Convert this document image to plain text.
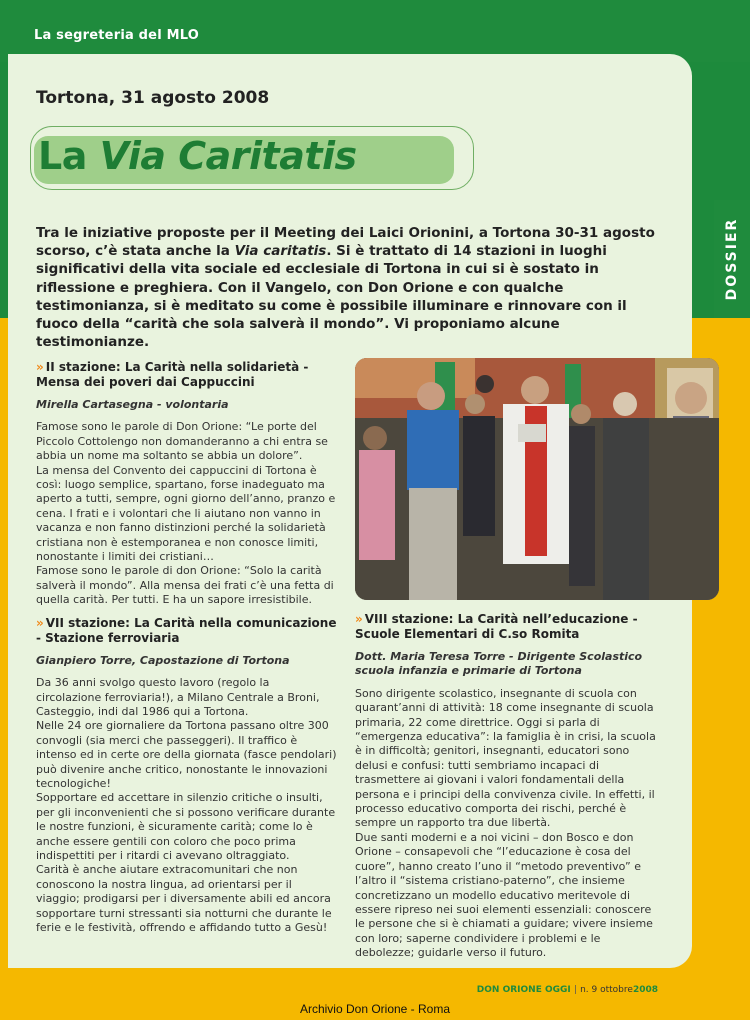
La segreteria del MLO
DOSSIER
Tortona, 31 agosto 2008
La Via Caritatis
Tra le iniziative proposte per il Meeting dei Laici Orionini, a Tortona 30-31 agosto scorso, c’è stata anche la Via caritatis. Si è trattato di 14 stazioni in luoghi significativi della vita sociale ed ecclesiale di Tortona in cui si è sostato in riflessione e preghiera. Con il Vangelo, con Don Orione e con qualche testimonianza, si è meditato su come è possibile illuminare e rinnovare con il fuoco della “carità che sola salverà il mondo”. Vi proponiamo alcune testimonianze.

» II stazione: La Carità nella solidarietà - Mensa dei poveri dai Cappuccini

Mirella Cartasegna - volontaria

Famose sono le parole di Don Orione: “Le porte del Piccolo Cottolengo non domanderanno a chi entra se abbia un nome ma soltanto se abbia un dolore”.

La mensa del Convento dei cappuccini di Tortona è così: luogo semplice, spartano, forse inadeguato ma aperto a tutti, sempre, ogni giorno dell’anno, pranzo e cena. I frati e i volontari che li aiutano non vanno in vacanza e non fanno distinzioni perché la solidarietà cristiana non è estemporanea e non conosce limiti, nonostante i limiti dei cristiani…

Famose sono le parole di don Orione: “Solo la carità salverà il mondo”. Alla mensa dei frati c’è una fetta di quella carità. Per tutti. E ha un sapore irresistibile.

» VII stazione: La Carità nella comunicazione - Stazione ferroviaria

Gianpiero Torre, Capostazione di Tortona

Da 36 anni svolgo questo lavoro (regolo la circolazione ferroviaria!), a Milano Centrale a Broni, Casteggio, indi dal 1986 qui a Tortona.

Nelle 24 ore giornaliere da Tortona passano oltre 300 convogli (sia merci che passeggeri). Il traffico è intenso ed in certe ore della giornata (fasce pendolari) può divenire anche critico, nonostante le innovazioni tecnologiche!

Sopportare ed accettare in silenzio critiche o insulti, per gli inconvenienti che si possono verificare durante le nostre funzioni, è sicuramente carità; come lo è anche essere gentili con coloro che poco prima indispettiti per i ritardi ci avevano oltraggiato.

Carità è anche aiutare extracomunitari che non conoscono la nostra lingua, ad orientarsi per il viaggio; prodigarsi per i diversamente abili ed ancora sopportare turni stressanti sia notturni che durante le ferie e le festività, offrendo e affidando tutto a Gesù!

» VIII stazione: La Carità nell’educazione - Scuole Elementari di C.so Romita

Dott. Maria Teresa Torre - Dirigente Scolastico scuola infanzia e primarie di Tortona

Sono dirigente scolastico, insegnante di scuola con quarant’anni di attività: 18 come insegnante di scuola primaria, 22 come direttrice. Oggi si parla di “emergenza educativa”: la famiglia è in crisi, la scuola è in difficoltà; genitori, insegnanti, educatori sono delusi e confusi: tutti sembriamo incapaci di trasmettere ai giovani i valori fondamentali della persona e i principi della convivenza civile. In effetti, il processo educativo comporta dei rischi, perché è sempre un rapporto tra due libertà.

Due santi moderni e a noi vicini – don Bosco e don Orione – consapevoli che “l’educazione è cosa del cuore”, hanno creato l’uno il “metodo preventivo” e l’altro il “sistema cristiano-paterno”, che insieme concretizzano un modello educativo meritevole di essere ripreso nei suoi elementi essenziali: conoscere le persone che si è chiamati a guidare; vivere insieme con loro; saperne condividere i problemi e le debolezze; guidarle verso il futuro.

DON ORIONE OGGI | n. 9 ottobre2008
Archivio Don Orione - Roma
